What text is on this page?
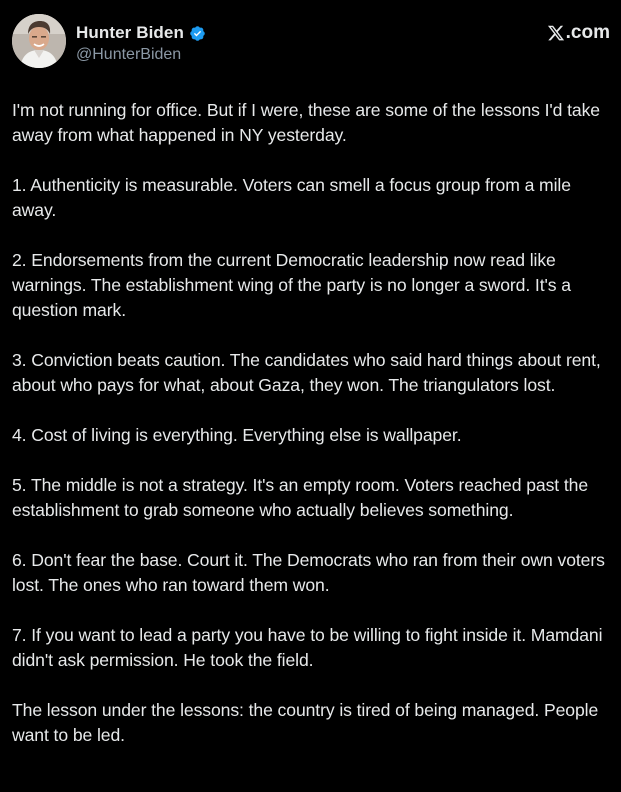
Hunter Biden
@HunterBiden
.com

I'm not running for office. But if I were, these are some of the lessons I'd take away from what happened in NY yesterday.

1. Authenticity is measurable. Voters can smell a focus group from a mile away.

2. Endorsements from the current Democratic leadership now read like warnings. The establishment wing of the party is no longer a sword. It's a question mark.

3. Conviction beats caution. The candidates who said hard things about rent, about who pays for what, about Gaza, they won. The triangulators lost.

4. Cost of living is everything. Everything else is wallpaper.

5. The middle is not a strategy. It's an empty room. Voters reached past the establishment to grab someone who actually believes something.

6. Don't fear the base. Court it. The Democrats who ran from their own voters lost. The ones who ran toward them won.

7. If you want to lead a party you have to be willing to fight inside it. Mamdani didn't ask permission. He took the field.

The lesson under the lessons: the country is tired of being managed. People want to be led.
